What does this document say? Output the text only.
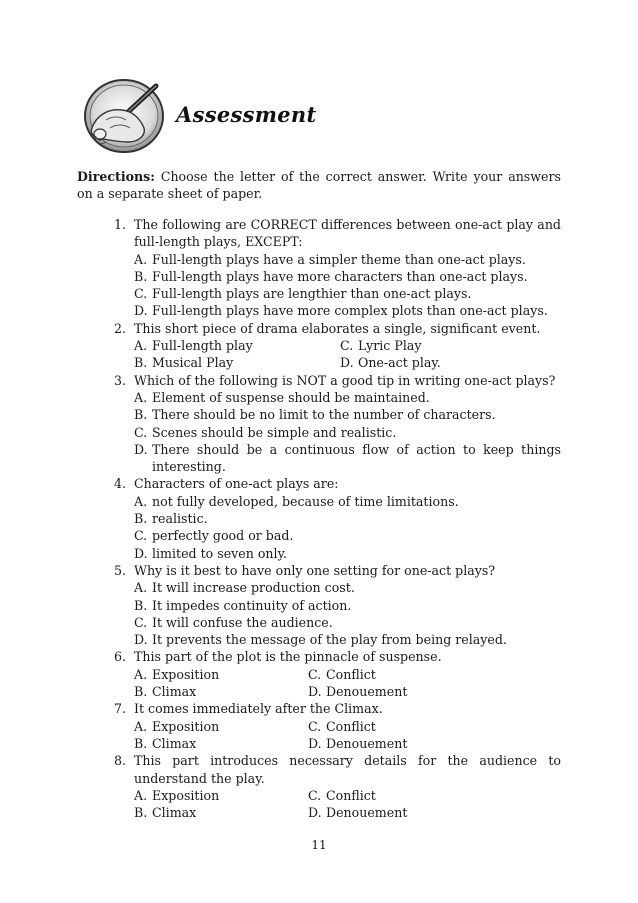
Assessment
Directions: Choose the letter of the correct answer. Write your answers on a separate sheet of paper.
1. The following are CORRECT differences between one-act play and full-length plays, EXCEPT:
A. Full-length plays have a simpler theme than one-act plays.
B. Full-length plays have more characters than one-act plays.
C. Full-length plays are lengthier than one-act plays.
D. Full-length plays have more complex plots than one-act plays.
2. This short piece of drama elaborates a single, significant event.
A. Full-length play	C. Lyric Play
B. Musical Play	D. One-act play.
3. Which of the following is NOT a good tip in writing one-act plays?
A. Element of suspense should be maintained.
B. There should be no limit to the number of characters.
C. Scenes should be simple and realistic.
D. There should be a continuous flow of action to keep things interesting.
4. Characters of one-act plays are:
A. not fully developed, because of time limitations.
B. realistic.
C. perfectly good or bad.
D. limited to seven only.
5. Why is it best to have only one setting for one-act plays?
A. It will increase production cost.
B. It impedes continuity of action.
C. It will confuse the audience.
D. It prevents the message of the play from being relayed.
6. This part of the plot is the pinnacle of suspense.
A. Exposition	C. Conflict
B. Climax	D. Denouement
7. It comes immediately after the Climax.
A. Exposition	C. Conflict
B. Climax	D. Denouement
8. This part introduces necessary details for the audience to understand the play.
A. Exposition	C. Conflict
B. Climax	D. Denouement
11
